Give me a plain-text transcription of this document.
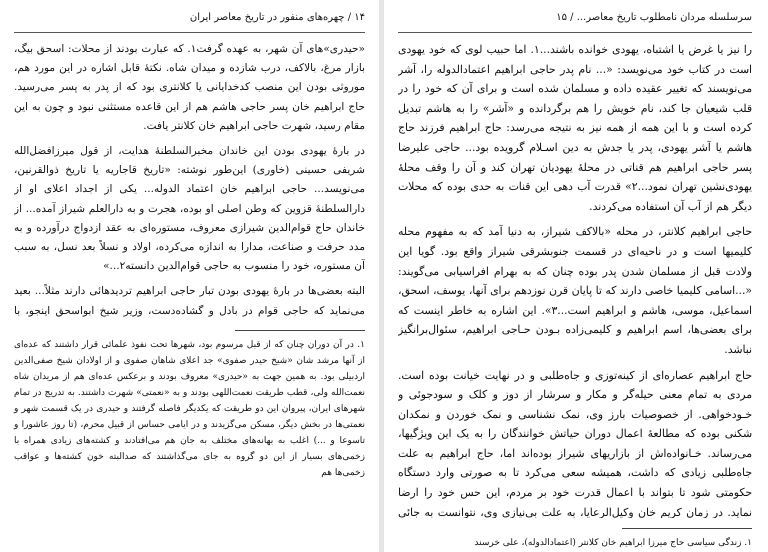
۱۴ / چهره‌های منفور در تاریخ معاصر ایران

«حیدری»های آن شهر، به عهده گرفت‌۱. که عبارت بودند از محلات: اسحق بیگ، بازار مرغ، بالاکف، درب شازده و میدان شاه. نکتهٔ قابل اشاره در این مورد هم، موروثی بودن این منصب کدخدایانی یا کلانتری بود که از پدر به پسر می‌رسید. حاج ابراهیم خان پسر حاجی هاشم هم از این قاعده مستثنی نبود و چون به این مقام رسید، شهرت حاجی ابراهیم خان کلانتر یافت.

در بارهٔ یهودی بودن این خاندان مخبرالسلطنهٔ هدایت، از قول میرزافضل‌الله شریفی حسینی (خاوری) این‌طور نوشته: «تاریخ قاجاریه یا تاریخ ذوالقرنین، می‌نویسد... حاجی ابراهیم خان اعتماد الدوله... یکی از اجداد اعلای او از دارالسلطنهٔ قزوین که وطن اصلی او بوده، هجرت و به دارالعلم شیراز آمده... از خاندان حاج قوام‌الدین شیرازی معروف، مستوره‌ای به عقد ازدواج درآورده و به مدد حرفت و صناعت، مدارا به اندازه می‌کرده، اولاد و نسلاً بعد نسل، به سبب آن مستوره، خود را منسوب به حاجی قوام‌الدین دانسته۲...»

البته بعضی‌ها در بارهٔ یهودی بودن تبار حاجی ابراهیم تردیدهائی دارند مثلاً... بعید می‌نماید که حاجی قوام در بادل و گشاده‌دست، وزیر شیخ ابواسحق اینجو، با

۱. در آن دوران چنان که از قبل مرسوم بود، شهرها تحت نفوذ علمائی قرار داشتند که عده‌ای از آنها مرشد شان «شیخ حیدر صفوی» جد اعلای شاهان صفوی و از اولادان شیخ صفی‌الدین اردبیلی بود. به همین جهت به «حیدری» معروف بودند و برعکس عده‌ای هم از مریدان شاه نعمت‌الله ولی، قطب طریقت نعمت‌اللهی بودند و به «نعمتی» شهرت داشتند. به تدریج در تمام شهرهای ایران، پیروان این دو طریقت که یکدیگر فاصله گرفتند و حیدری در یک قسمت شهر و نعمتی‌ها در بخش دیگر، مسکن می‌گزیدند و در ایامی حساس از قبیل محرم، (تا روز عاشورا و تاسوعا و ...) اغلب به بهانه‌های مختلف به جان هم می‌افتادند و کشته‌های زیادی همراه با زخمی‌های بسیار از این دو گروه به جای می‌گذاشتند که صدالبته خون کشته‌ها و عواقب زخمی‌ها هم
سرسلسله مردان نامطلوب تاریخ معاصر... / ۱۵

را نیز یا غرض یا اشتباه، یهودی خوانده باشند...۱. اما حبیب لوی که خود یهودی است در کتاب خود می‌نویسد: «... نام پدر حاجی ابراهیم اعتمادالدوله را، آشر می‌نویسند که تغییر عقیده داده و مسلمان شده است و برای آن که خود را در قلب شیعیان جا کند، نام خویش را هم برگردانده و «آشر» را به هاشم تبدیل کرده است و با این همه از همه نیز به نتیجه می‌رسد: حاج ابراهیم فرزند حاج هاشم یا آشر یهودی، پدر یا جدش به دین اسـلام گرویده بود... حاجی علیرضا پسر حاجی ابراهیم هم قناتی در محلهٔ یهودیان تهران کند و آن را وقف محلهٔ یهودی‌نشین تهران نمود...۲» قدرت آب دهی این قنات به حدی بوده که محلات دیگر هم از آب آن استفاده می‌کردند.

حاجی ابراهیم کلانتر، در محله «بالاکف شیراز، به دنیا آمد که به مفهوم محله کلیمیها است و در ناحیه‌ای در قسمت جنوبشرقی شیراز واقع بود. گویا این ولادت قبل از مسلمان شدن پدر بوده چنان که به بهرام افراسیابی می‌گویند: «...اسامی کلیمیا خاصی دارند که تا پایان قرن نوزدهم برای آنها، یوسف، اسحق، اسماعیل، موسی، هاشم و ابراهیم است...۳». این اشاره به خاطر اینست که برای بعضی‌ها، اسم ابراهیم و کلیمی‌زاده بـودن حـاجی ابراهیم، سئوال‌برانگیز نباشد.

حاج ابراهیم عصاره‌ای از کینه‌توزی و جاه‌طلبی و در نهایت خیانت بوده است. مردی به تمام معنی حیله‌گر و مکار و سرشار از دوز و کلک و سودجوئی و خـودخواهی. از خصوصیات بارز وی، نمک نشناسی و نمک خوردن و نمکدان شکنی بوده که مطالعهٔ اعمال دوران حیاتش خوانندگان را به یک این ویژگیها، می‌رساند. خـانواده‌اش از بازاریهای شیراز بوده‌اند اما، حاج ابراهیم به علت جاه‌طلبی زیادی که داشت، همیشه سعی می‌کرد تا به صورتی وارد دستگاه حکومتی شود تا بتواند با اعمال قدرت خود بر مردم، این حس خود را ارضا نماید. در زمان کریم خان وکیل‌الرعایا، به علت بی‌نیازی وی، نتوانست به جائی

۱. زندگی سیاسی حاج میرزا ابراهیم خان کلانتر (اعتمادالدوله)، علی خرسند
